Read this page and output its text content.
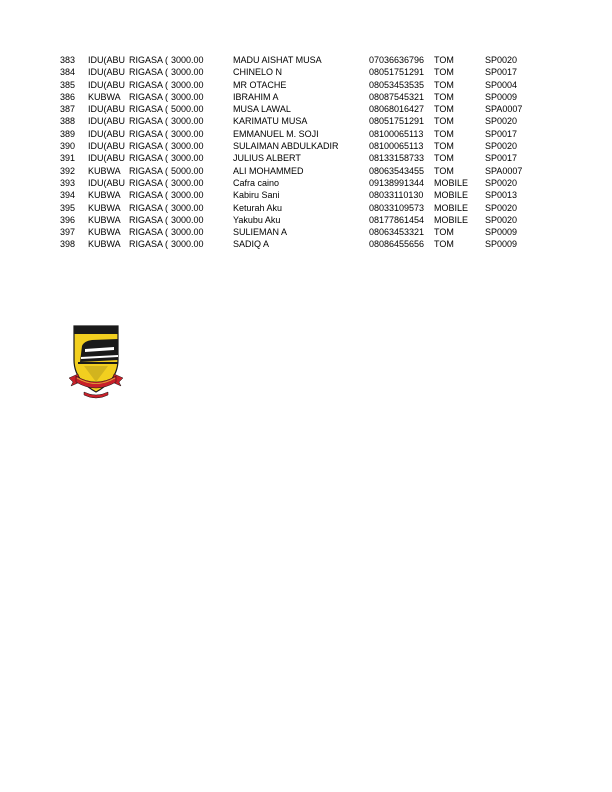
383	IDU(ABU RIGASA ( 3000.00	MADU AISHAT MUSA	07036636796	TOM	SP0020
384	IDU(ABU RIGASA ( 3000.00	CHINELO N	08051751291	TOM	SP0017
385	IDU(ABU RIGASA ( 3000.00	MR OTACHE	08053453535	TOM	SP0004
386	KUBWA RIGASA ( 3000.00	IBRAHIM A	08087545321	TOM	SP0009
387	IDU(ABU RIGASA ( 5000.00	MUSA LAWAL	08068016427	TOM	SPA0007
388	IDU(ABU RIGASA ( 3000.00	KARIMATU MUSA	08051751291	TOM	SP0020
389	IDU(ABU RIGASA ( 3000.00	EMMANUEL M. SOJI	08100065113	TOM	SP0017
390	IDU(ABU RIGASA ( 3000.00	SULAIMAN ABDULKADIR	08100065113	TOM	SP0020
391	IDU(ABU RIGASA ( 3000.00	JULIUS ALBERT	08133158733	TOM	SP0017
392	KUBWA RIGASA ( 5000.00	ALI MOHAMMED	08063543455	TOM	SPA0007
393	IDU(ABU RIGASA ( 3000.00	Cafra caino	09138991344	MOBILE	SP0020
394	KUBWA RIGASA ( 3000.00	Kabiru Sani	08033110130	MOBILE	SP0013
395	KUBWA RIGASA ( 3000.00	Keturah Aku	08033109573	MOBILE	SP0020
396	KUBWA RIGASA ( 3000.00	Yakubu Aku	08177861454	MOBILE	SP0020
397	KUBWA RIGASA ( 3000.00	SULIEMAN A	08063453321	TOM	SP0009
398	KUBWA RIGASA ( 3000.00	SADIQ A	08086455656	TOM	SP0009
